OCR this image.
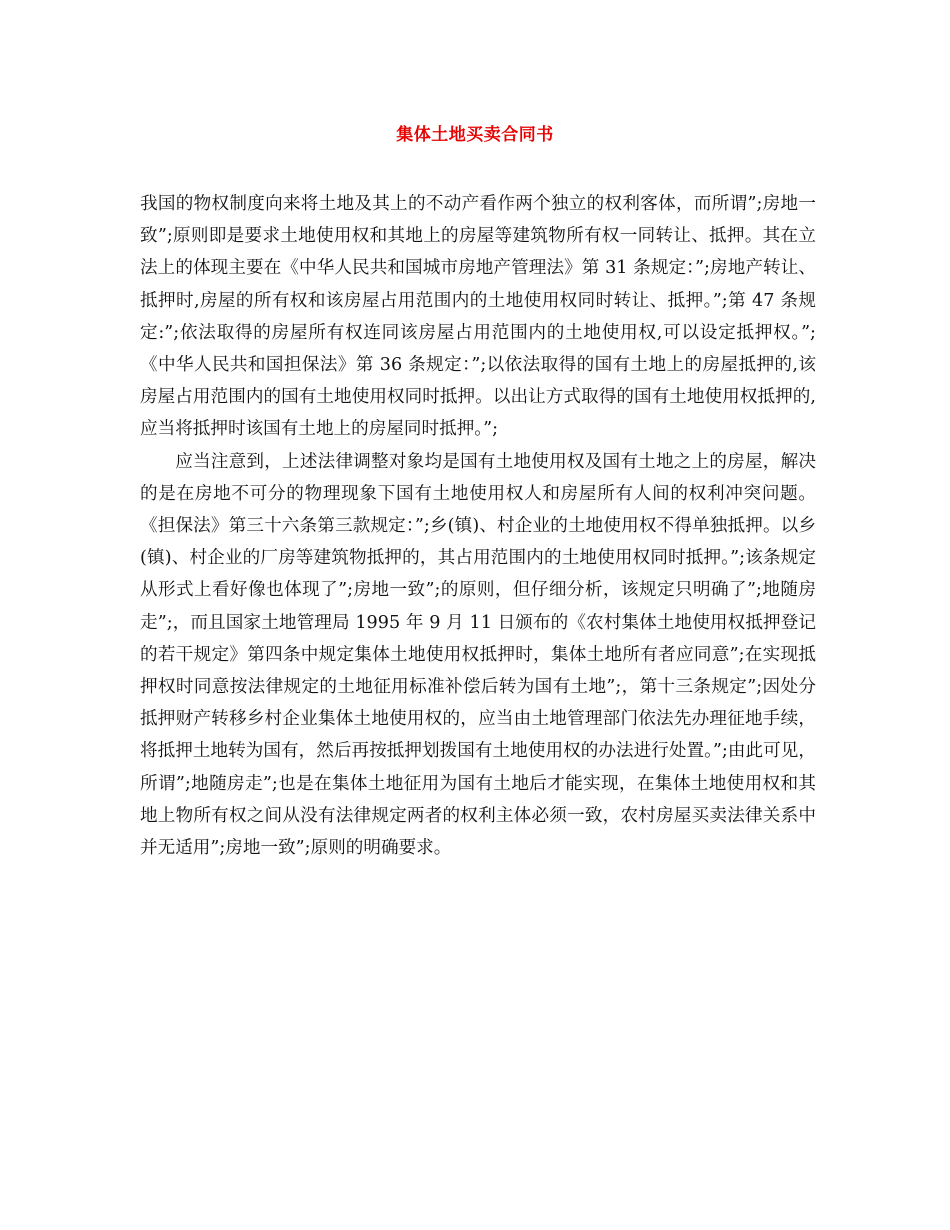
集体土地买卖合同书

我国的物权制度向来将土地及其上的不动产看作两个独立的权利客体，而所谓”;房地一致”;原则即是要求土地使用权和其地上的房屋等建筑物所有权一同转让、抵押。其在立法上的体现主要在《中华人民共和国城市房地产管理法》第 31 条规定：”;房地产转让、抵押时,房屋的所有权和该房屋占用范围内的土地使用权同时转让、抵押。”;第 47 条规定:”;依法取得的房屋所有权连同该房屋占用范围内的土地使用权,可以设定抵押权。”;《中华人民共和国担保法》第 36 条规定：”;以依法取得的国有土地上的房屋抵押的,该房屋占用范围内的国有土地使用权同时抵押。以出让方式取得的国有土地使用权抵押的,应当将抵押时该国有土地上的房屋同时抵押。”;

应当注意到，上述法律调整对象均是国有土地使用权及国有土地之上的房屋，解决的是在房地不可分的物理现象下国有土地使用权人和房屋所有人间的权利冲突问题。《担保法》第三十六条第三款规定：”;乡(镇)、村企业的土地使用权不得单独抵押。以乡(镇)、村企业的厂房等建筑物抵押的，其占用范围内的土地使用权同时抵押。”;该条规定从形式上看好像也体现了”;房地一致”;的原则，但仔细分析，该规定只明确了”;地随房走”;，而且国家土地管理局 1995 年 9 月 11 日颁布的《农村集体土地使用权抵押登记的若干规定》第四条中规定集体土地使用权抵押时，集体土地所有者应同意”;在实现抵押权时同意按法律规定的土地征用标准补偿后转为国有土地”;，第十三条规定”;因处分抵押财产转移乡村企业集体土地使用权的，应当由土地管理部门依法先办理征地手续，将抵押土地转为国有，然后再按抵押划拨国有土地使用权的办法进行处置。”;由此可见，所谓”;地随房走”;也是在集体土地征用为国有土地后才能实现，在集体土地使用权和其地上物所有权之间从没有法律规定两者的权利主体必须一致，农村房屋买卖法律关系中并无适用”;房地一致”;原则的明确要求。
